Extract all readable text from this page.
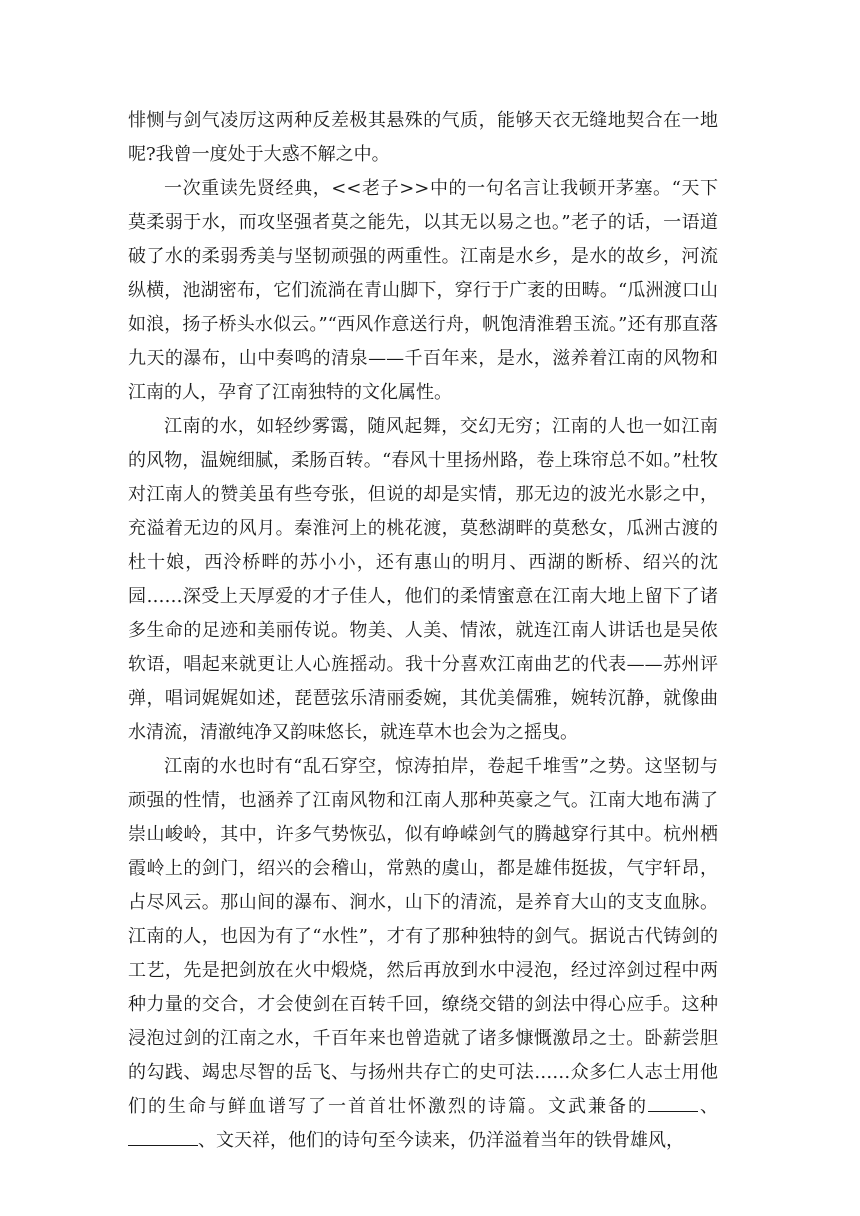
悱恻与剑气凌厉这两种反差极其悬殊的气质，能够天衣无缝地契合在一地呢?我曾一度处于大惑不解之中。

一次重读先贤经典，<<老子>>中的一句名言让我顿开茅塞。“天下莫柔弱于水，而攻坚强者莫之能先，以其无以易之也。”老子的话，一语道破了水的柔弱秀美与坚韧顽强的两重性。江南是水乡，是水的故乡，河流纵横，池湖密布，它们流淌在青山脚下，穿行于广袤的田畴。“瓜洲渡口山如浪，扬子桥头水似云。”“西风作意送行舟，帆饱清淮碧玉流。”还有那直落九天的瀑布，山中奏鸣的清泉——千百年来，是水，滋养着江南的风物和江南的人，孕育了江南独特的文化属性。

江南的水，如轻纱雾霭，随风起舞，交幻无穷；江南的人也一如江南的风物，温婉细腻，柔肠百转。“春风十里扬州路，卷上珠帘总不如。”杜牧对江南人的赞美虽有些夸张，但说的却是实情，那无边的波光水影之中，充溢着无边的风月。秦淮河上的桃花渡，莫愁湖畔的莫愁女，瓜洲古渡的杜十娘，西泠桥畔的苏小小，还有惠山的明月、西湖的断桥、绍兴的沈园……深受上天厚爱的才子佳人，他们的柔情蜜意在江南大地上留下了诸多生命的足迹和美丽传说。物美、人美、情浓，就连江南人讲话也是吴侬软语，唱起来就更让人心旌摇动。我十分喜欢江南曲艺的代表——苏州评弹，唱词娓娓如述，琵琶弦乐清丽委婉，其优美儒雅，婉转沉静，就像曲水清流，清澈纯净又韵味悠长，就连草木也会为之摇曳。

江南的水也时有“乱石穿空，惊涛拍岸，卷起千堆雪”之势。这坚韧与顽强的性情，也涵养了江南风物和江南人那种英豪之气。江南大地布满了崇山峻岭，其中，许多气势恢弘，似有峥嵘剑气的腾越穿行其中。杭州栖霞岭上的剑门，绍兴的会稽山，常熟的虞山，都是雄伟挺拔，气宇轩昂，占尽风云。那山间的瀑布、涧水，山下的清流，是养育大山的支支血脉。江南的人，也因为有了“水性”，才有了那种独特的剑气。据说古代铸剑的工艺，先是把剑放在火中煅烧，然后再放到水中浸泡，经过淬剑过程中两种力量的交合，才会使剑在百转千回，缭绕交错的剑法中得心应手。这种浸泡过剑的江南之水，千百年来也曾造就了诸多慷慨激昂之士。卧薪尝胆的勾践、竭忠尽智的岳飞、与扬州共存亡的史可法……众多仁人志士用他们的生命与鲜血谱写了一首首壮怀激烈的诗篇。文武兼备的	、、文天祥，他们的诗句至今读来，仍洋溢着当年的铁骨雄风，
